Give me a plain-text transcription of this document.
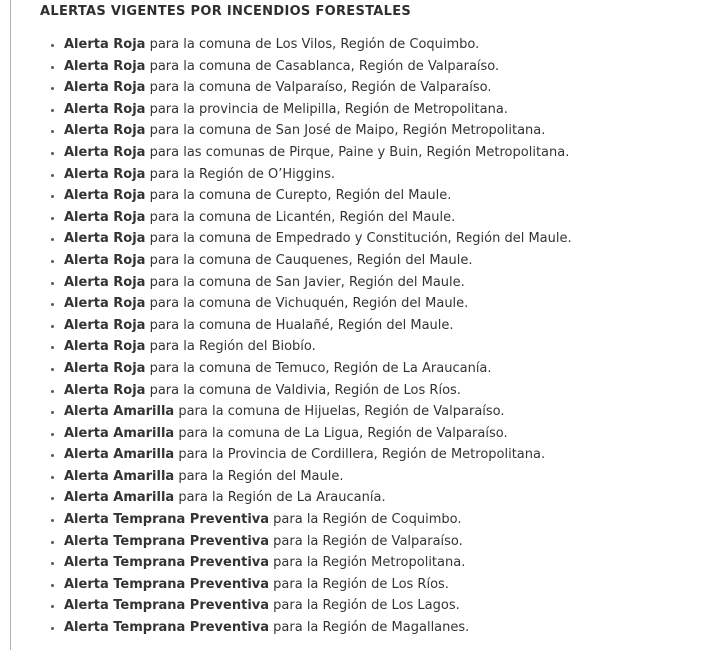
ALERTAS VIGENTES POR INCENDIOS FORESTALES
• Alerta Roja para la comuna de Los Vilos, Región de Coquimbo.
• Alerta Roja para la comuna de Casablanca, Región de Valparaíso.
• Alerta Roja para la comuna de Valparaíso, Región de Valparaíso.
• Alerta Roja para la provincia de Melipilla, Región de Metropolitana.
• Alerta Roja para la comuna de San José de Maipo, Región Metropolitana.
• Alerta Roja para las comunas de Pirque, Paine y Buin, Región Metropolitana.
• Alerta Roja para la Región de O’Higgins.
• Alerta Roja para la comuna de Curepto, Región del Maule.
• Alerta Roja para la comuna de Licantén, Región del Maule.
• Alerta Roja para la comuna de Empedrado y Constitución, Región del Maule.
• Alerta Roja para la comuna de Cauquenes, Región del Maule.
• Alerta Roja para la comuna de San Javier, Región del Maule.
• Alerta Roja para la comuna de Vichuquén, Región del Maule.
• Alerta Roja para la comuna de Hualañé, Región del Maule.
• Alerta Roja para la Región del Biobío.
• Alerta Roja para la comuna de Temuco, Región de La Araucanía.
• Alerta Roja para la comuna de Valdivia, Región de Los Ríos.
• Alerta Amarilla para la comuna de Hijuelas, Región de Valparaíso.
• Alerta Amarilla para la comuna de La Ligua, Región de Valparaíso.
• Alerta Amarilla para la Provincia de Cordillera, Región de Metropolitana.
• Alerta Amarilla para la Región del Maule.
• Alerta Amarilla para la Región de La Araucanía.
• Alerta Temprana Preventiva para la Región de Coquimbo.
• Alerta Temprana Preventiva para la Región de Valparaíso.
• Alerta Temprana Preventiva para la Región Metropolitana.
• Alerta Temprana Preventiva para la Región de Los Ríos.
• Alerta Temprana Preventiva para la Región de Los Lagos.
• Alerta Temprana Preventiva para la Región de Magallanes.
